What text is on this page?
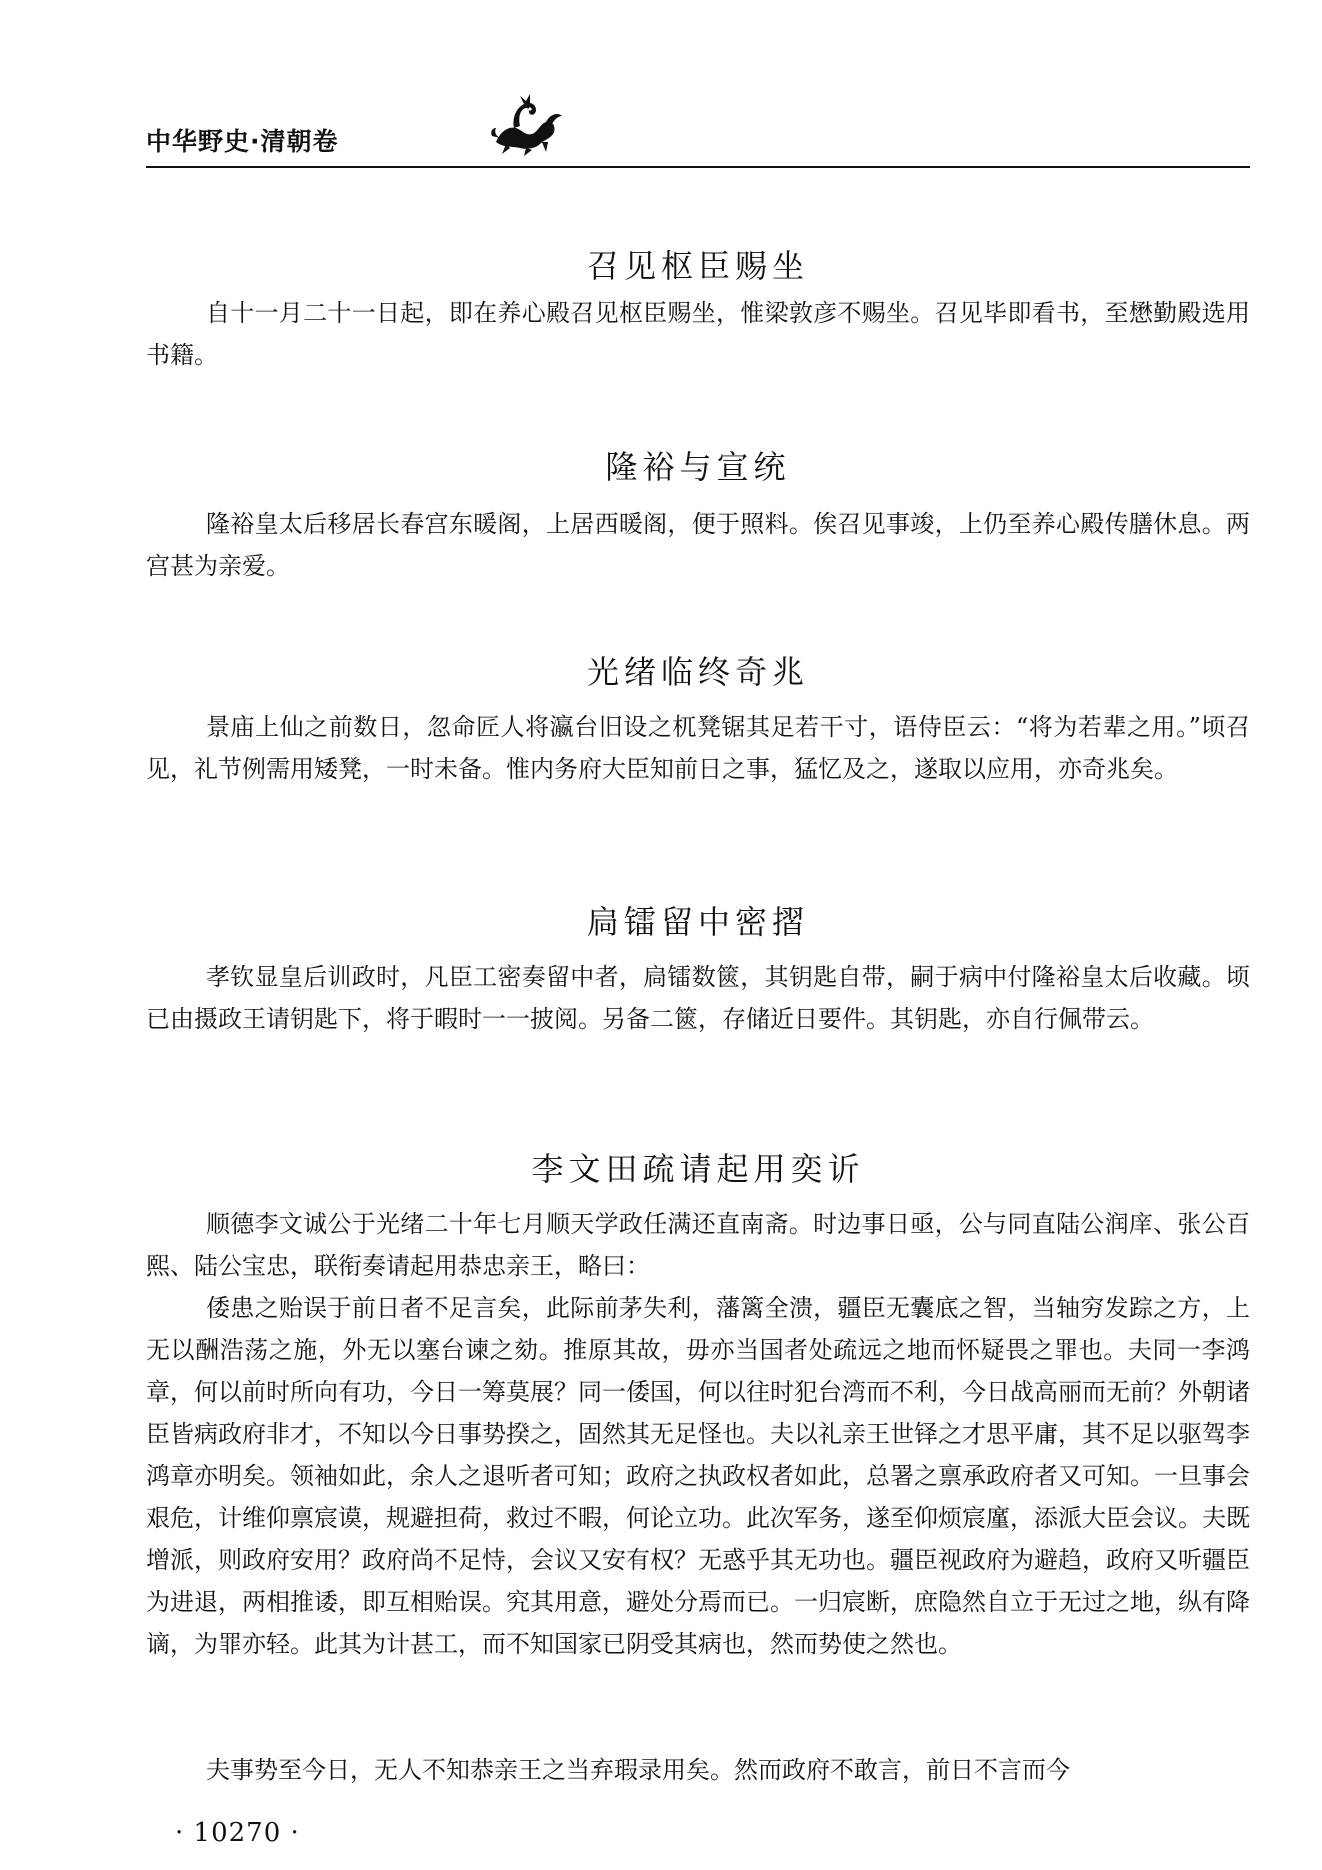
中华野史·清朝卷
召见枢臣赐坐

自十一月二十一日起，即在养心殿召见枢臣赐坐，惟梁敦彦不赐坐。召见毕即看书，至懋勤殿选用书籍。

隆裕与宣统

隆裕皇太后移居长春宫东暖阁，上居西暖阁，便于照料。俟召见事竣，上仍至养心殿传膳休息。两宫甚为亲爱。

光绪临终奇兆

景庙上仙之前数日，忽命匠人将瀛台旧设之杌凳锯其足若干寸，语侍臣云：“将为若辈之用。”顷召见，礼节例需用矮凳，一时未备。惟内务府大臣知前日之事，猛忆及之，遂取以应用，亦奇兆矣。

扃镭留中密摺

孝钦显皇后训政时，凡臣工密奏留中者，扃镭数篋，其钥匙自带，嗣于病中付隆裕皇太后收藏。顷已由摄政王请钥匙下，将于暇时一一披阅。另备二篋，存储近日要件。其钥匙，亦自行佩带云。

李文田疏请起用奕䜣

顺德李文诚公于光绪二十年七月顺天学政任满还直南斋。时边事日亟，公与同直陆公润庠、张公百熙、陆公宝忠，联衔奏请起用恭忠亲王，略曰：

倭患之贻误于前日者不足言矣，此际前茅失利，藩篱全溃，疆臣无囊底之智，当轴穷发踪之方，上无以酬浩荡之施，外无以塞台谏之劾。推原其故，毋亦当国者处疏远之地而怀疑畏之罪也。夫同一李鸿章，何以前时所向有功，今日一筹莫展？同一倭国，何以往时犯台湾而不利，今日战高丽而无前？外朝诸臣皆病政府非才，不知以今日事势揆之，固然其无足怪也。夫以礼亲王世铎之才思平庸，其不足以驱驾李鸿章亦明矣。领袖如此，余人之退听者可知；政府之执政权者如此，总署之禀承政府者又可知。一旦事会艰危，计维仰禀宸谟，规避担荷，救过不暇，何论立功。此次军务，遂至仰烦宸廑，添派大臣会议。夫既增派，则政府安用？政府尚不足恃，会议又安有权？无惑乎其无功也。疆臣视政府为避趋，政府又听疆臣为进退，两相推诿，即互相贻误。究其用意，避处分焉而已。一归宸断，庶隐然自立于无过之地，纵有降谪，为罪亦轻。此其为计甚工，而不知国家已阴受其病也，然而势使之然也。

夫事势至今日，无人不知恭亲王之当弃瑕录用矣。然而政府不敢言，前日不言而今

· 10270 ·
